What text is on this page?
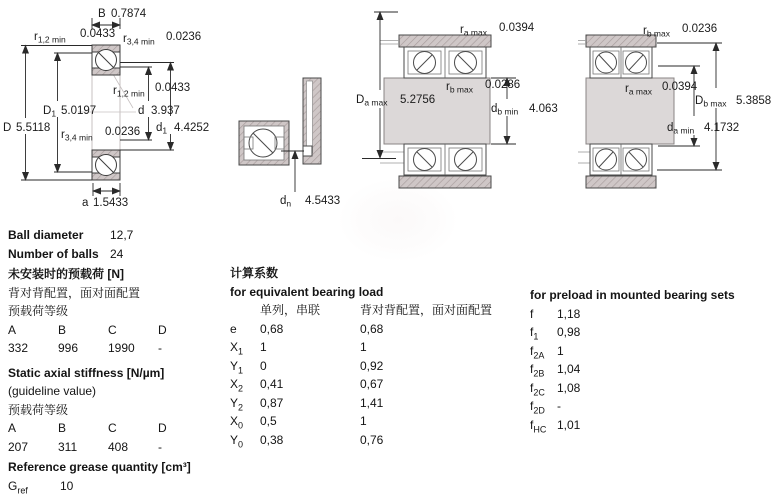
B 0.7874
$r_{1,2 min}$ 0.0433 $r_{3,4 min}$ 0.0236
$r_{1,2 min}$ 0.0433
$D_1$ 5.0197	d 3.937
D 5.5118
$r_{3,4 min}$ 0.0236 $d_1$ 4.4252
a 1.5433	$d_n$ 4.5433
$r_{a max}$ 0.0394
$D_{a max}$ 5.2756
$r_{b max}$ 0.0286
$d_{b min}$ 4.063
$r_{b max}$ 0.0236
$r_{a max}$ 0.0394
$D_{b max}$ 5.3858
$d_{a min}$ 4.1732
Ball diameter	12,7
Number of balls 24
未安装时的预载荷 [N]
背对背配置，面对面配置
预载荷等级
A	B	C	D
332	996	1990	-
Static axial stiffness [N/µm]
(guideline value)
预载荷等级
A	B	C	D
207	311	408	-
Reference grease quantity [cm³]
$G_{ref}$	10
计算系数
for equivalent bearing load
单列，串联	背对背配置，面对面配置
e	0,68	0,68
$X_1$	1	1
$Y_1$	0	0,92
$X_2$	0,41	0,67
$Y_2$	0,87	1,41
$X_0$	0,5	1
$Y_0$	0,38	0,76
for preload in mounted bearing sets
f	1,18
$f_1$	0,98
$f_{2A}$	1
$f_{2B}$	1,04
$f_{2C}$	1,08
$f_{2D}$	-
$f_{HC}$ 1,01
